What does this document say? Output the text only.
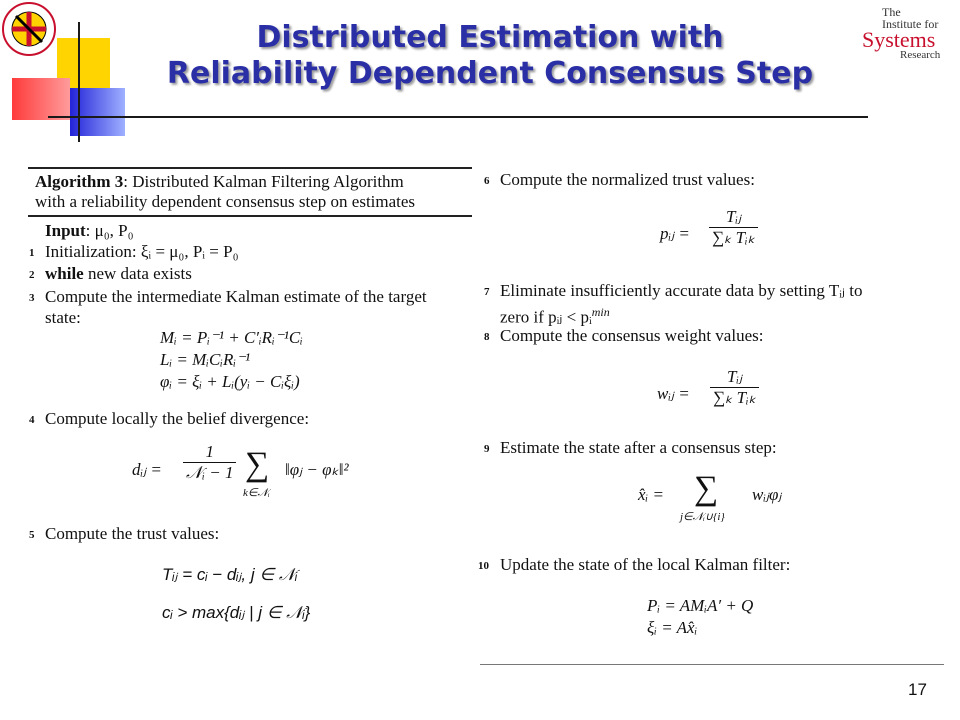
The
Institute for
Systems
Research
Distributed Estimation with
Reliability Dependent Consensus Step
Algorithm 3: Distributed Kalman Filtering Algorithm
with a reliability dependent consensus step on estimates
Input: μ₀, P₀
1 Initialization: ξᵢ = μ₀, Pᵢ = P₀
2 while new data exists
3 Compute the intermediate Kalman estimate of the target
state:
Mᵢ = Pᵢ⁻¹ + C′ᵢRᵢ⁻¹Cᵢ
Lᵢ = MᵢCᵢRᵢ⁻¹
φᵢ = ξᵢ + Lᵢ(yᵢ − Cᵢξᵢ)
4 Compute locally the belief divergence:
dᵢⱼ = $\frac{1}{\text{𝒩ᵢ − 1}}$ ∑
k∈𝒩ᵢ
‖φⱼ − φₖ‖²
5 Compute the trust values:
Tᵢⱼ = cᵢ − dᵢⱼ, j ∈ 𝒩ᵢ
cᵢ > max{dᵢⱼ | j ∈ 𝒩ᵢ}
6 Compute the normalized trust values:
pᵢⱼ = $\frac{\text{Tᵢⱼ}}{\text{∑ₖ Tᵢₖ}}$
7 Eliminate insufficiently accurate data by setting Tᵢⱼ to
zero if pᵢⱼ < pᵢ$^{min}$
8 Compute the consensus weight values:
wᵢⱼ = $\frac{\text{Tᵢⱼ}}{\text{∑ₖ Tᵢₖ}}$
9 Estimate the state after a consensus step:
x̂ᵢ = ∑
j∈𝒩ᵢ∪{i}
wᵢⱼφⱼ
10 Update the state of the local Kalman filter:
Pᵢ = AMᵢA′ + Q
ξᵢ = Ax̂ᵢ
17
